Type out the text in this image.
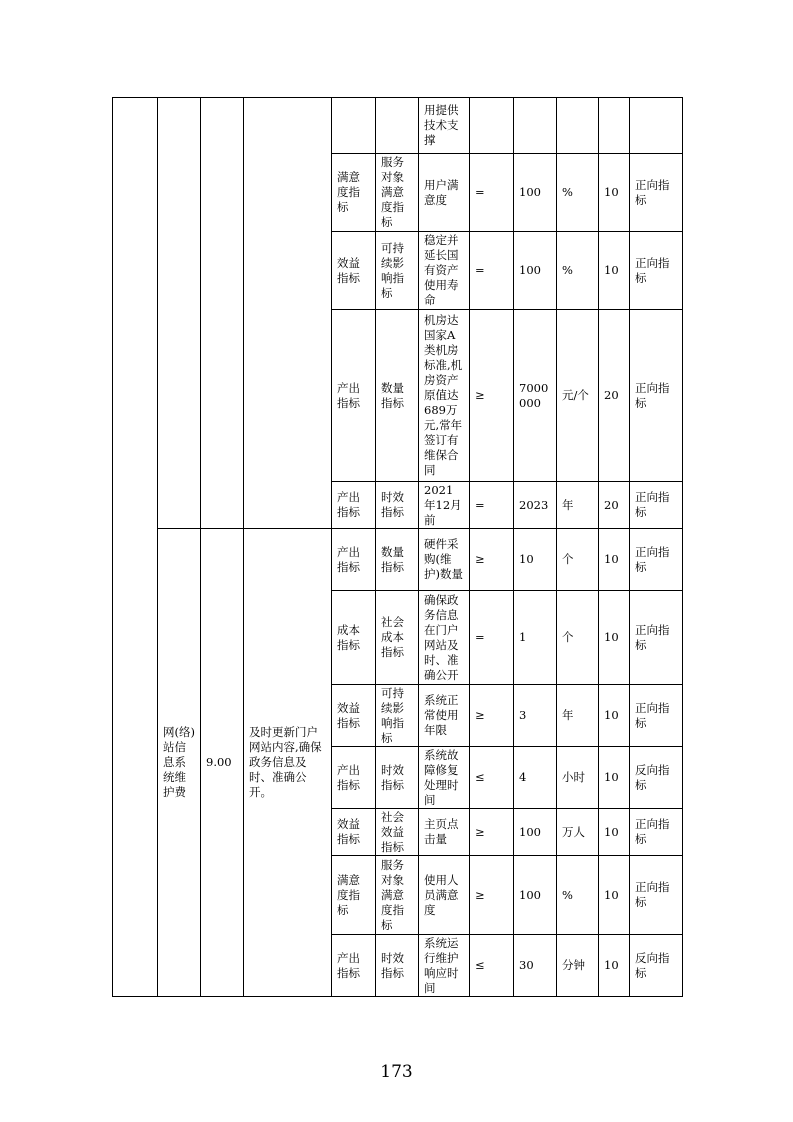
						用提供技术支撑					
				满意度指标	服务对象满意度指标	用户满意度	=	100	%	10	正向指标
				效益指标	可持续影响指标	稳定并延长国有资产使用寿命	=	100	%	10	正向指标
				产出指标	数量指标	机房达国家A类机房标准,机房资产原值达689万元,常年签订有维保合同	≥	7000000	元/个	20	正向指标
				产出指标	时效指标	2021年12月前	=	2023	年	20	正向指标
	网(络)站信息系统维护费	9.00	及时更新门户网站内容,确保政务信息及时、准确公开。	产出指标	数量指标	硬件采购(维护)数量	≥	10	个	10	正向指标
				成本指标	社会成本指标	确保政务信息在门户网站及时、准确公开	=	1	个	10	正向指标
				效益指标	可持续影响指标	系统正常使用年限	≥	3	年	10	正向指标
				产出指标	时效指标	系统故障修复处理时间	≤	4	小时	10	反向指标
				效益指标	社会效益指标	主页点击量	≥	100	万人	10	正向指标
				满意度指标	服务对象满意度指标	使用人员满意度	≥	100	%	10	正向指标
				产出指标	时效指标	系统运行维护响应时间	≤	30	分钟	10	反向指标
173
